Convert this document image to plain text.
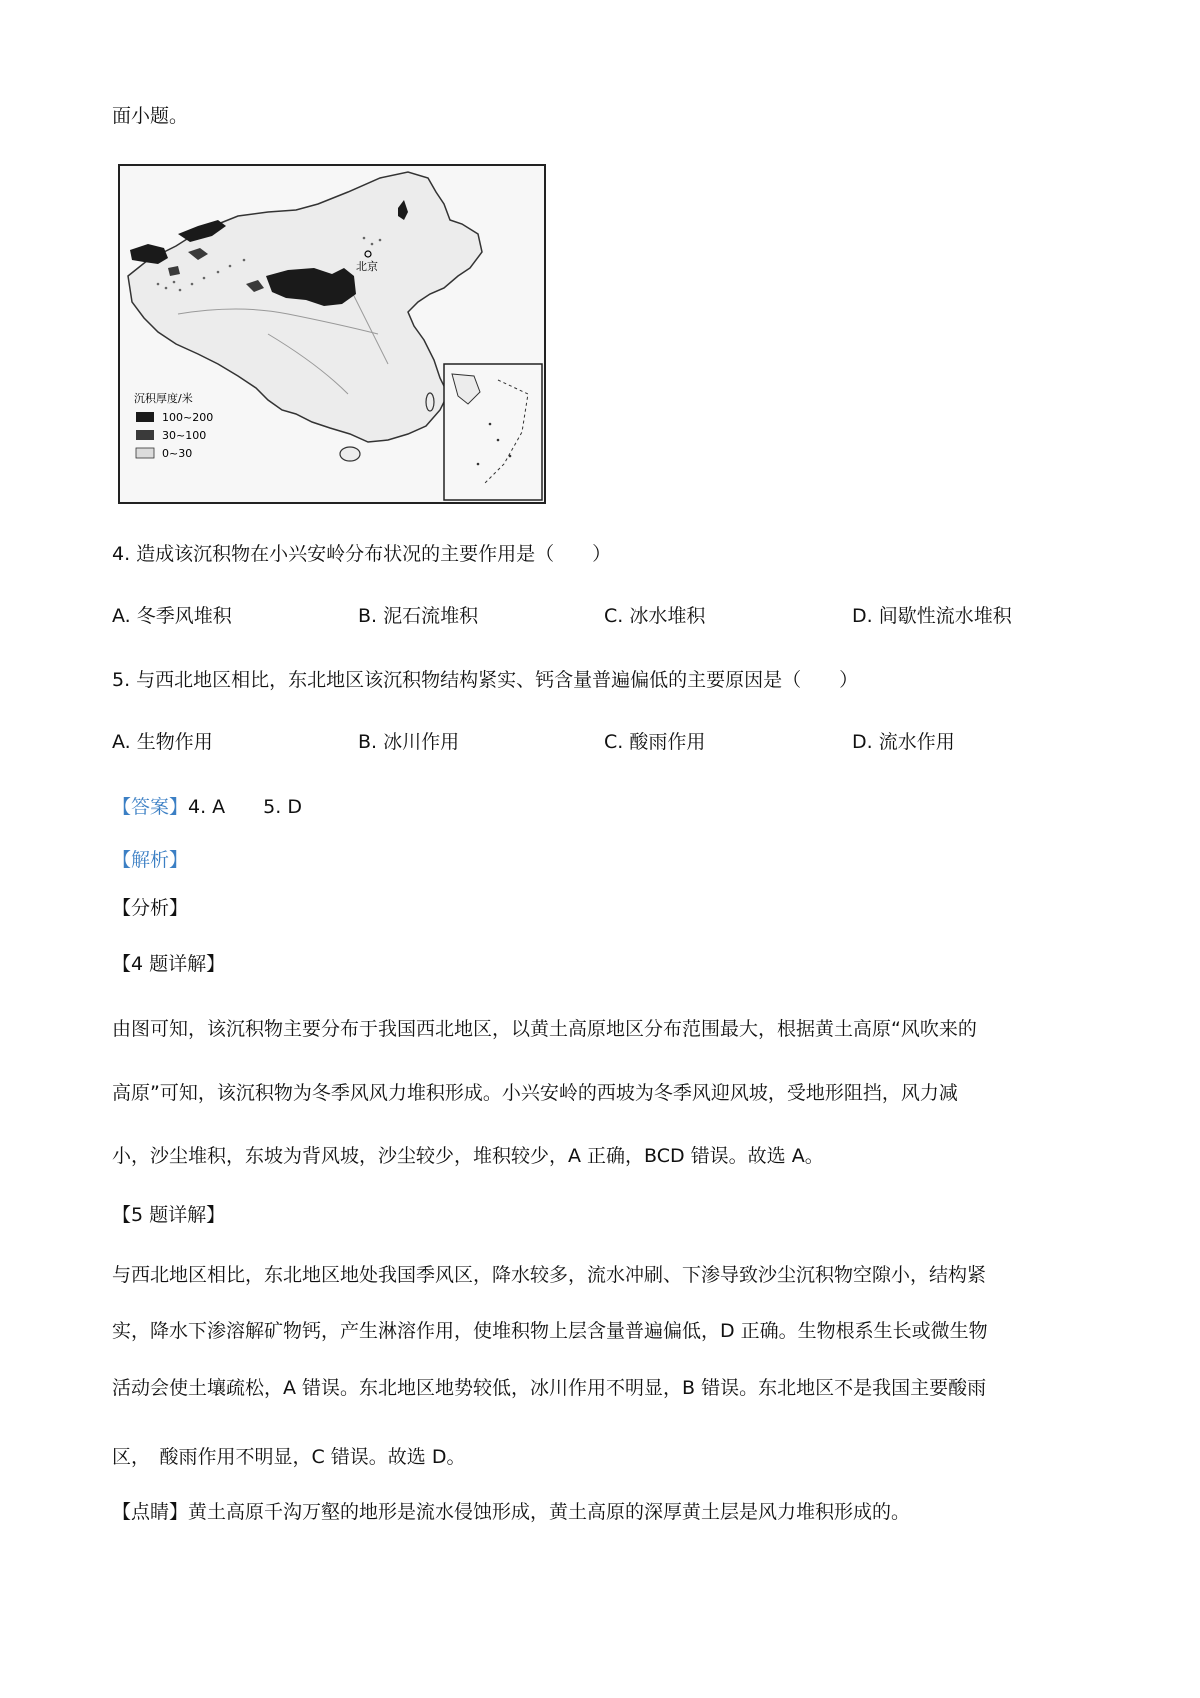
面小题。
北京
沉积厚度/米
100~200
30~100
0~30
4. 造成该沉积物在小兴安岭分布状况的主要作用是（　　）
A. 冬季风堆积	B. 泥石流堆积	C. 冰水堆积	D. 间歇性流水堆积
5. 与西北地区相比，东北地区该沉积物结构紧实、钙含量普遍偏低的主要原因是（　　）
A. 生物作用	B. 冰川作用	C. 酸雨作用	D. 流水作用
【答案】4. A　　5. D
【解析】
【分析】
【4 题详解】
由图可知，该沉积物主要分布于我国西北地区，以黄土高原地区分布范围最大，根据黄土高原“风吹来的
高原”可知，该沉积物为冬季风风力堆积形成。小兴安岭的西坡为冬季风迎风坡，受地形阻挡，风力减
小，沙尘堆积，东坡为背风坡，沙尘较少，堆积较少，A 正确，BCD 错误。故选 A。
【5 题详解】
与西北地区相比，东北地区地处我国季风区，降水较多，流水冲刷、下渗导致沙尘沉积物空隙小，结构紧
实，降水下渗溶解矿物钙，产生淋溶作用，使堆积物上层含量普遍偏低，D 正确。生物根系生长或微生物
活动会使土壤疏松，A 错误。东北地区地势较低，冰川作用不明显，B 错误。东北地区不是我国主要酸雨
区，　酸雨作用不明显，C 错误。故选 D。
【点睛】黄土高原千沟万壑的地形是流水侵蚀形成，黄土高原的深厚黄土层是风力堆积形成的。
